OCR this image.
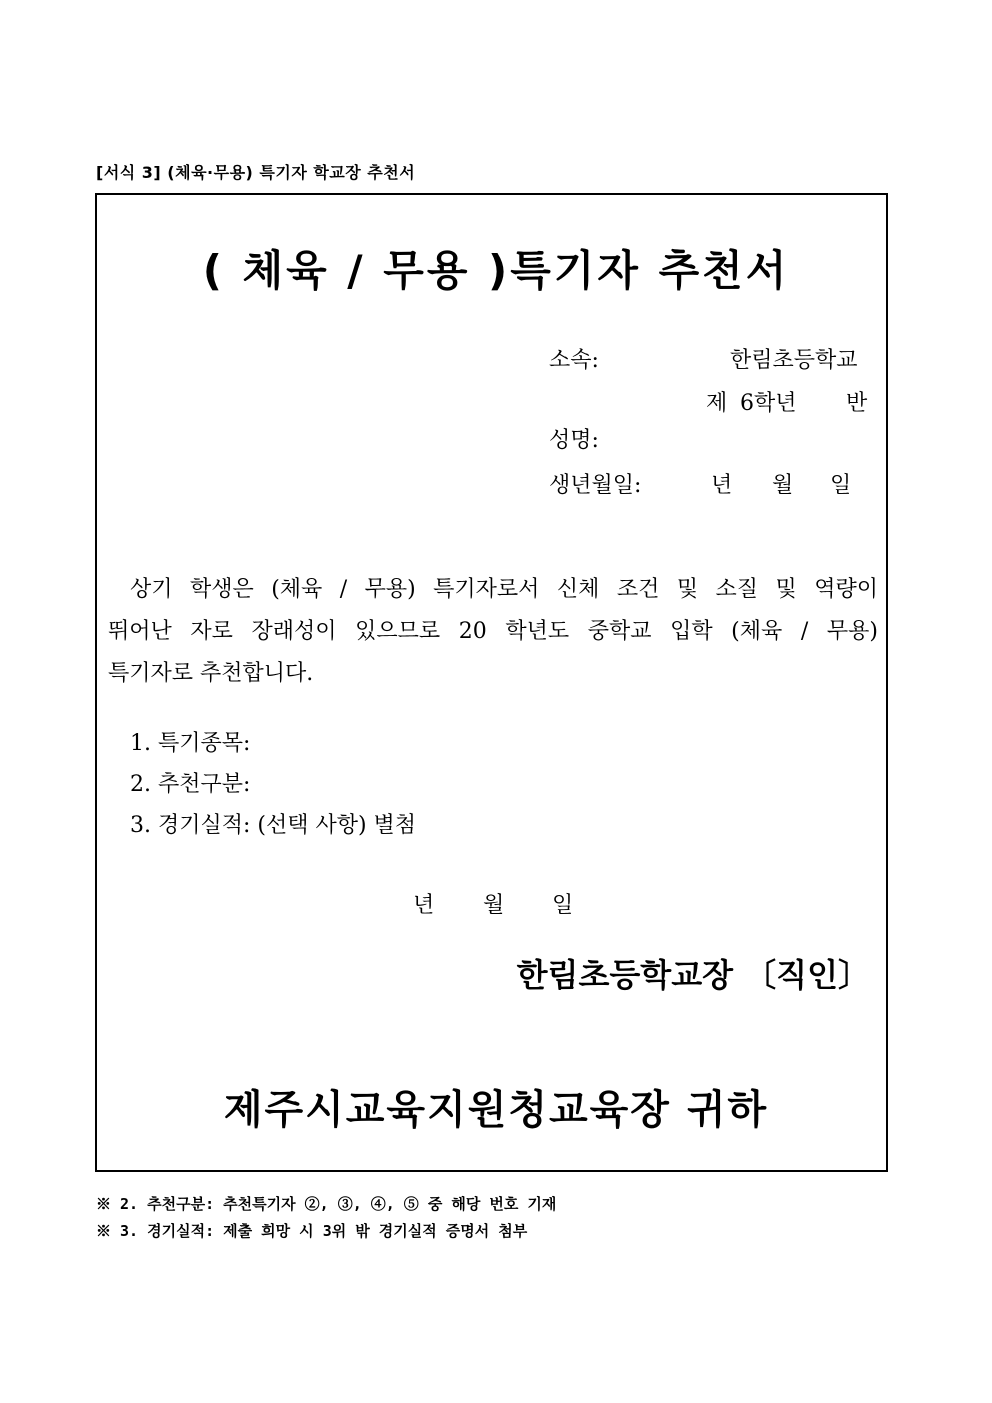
[서식 3] (체육·무용) 특기자 학교장 추천서
( 체육 / 무용 )특기자 추천서
소속:	한림초등학교
제 6학년 반
성명:
생년월일:	년 월 일
상기 학생은 (체육 / 무용) 특기자로서 신체 조건 및 소질 및 역량이
뛰어난 자로 장래성이 있으므로 20 학년도 중학교 입학 (체육 / 무용)
특기자로 추천합니다.
1. 특기종목:
2. 추천구분:
3. 경기실적: (선택 사항) 별첨
년 월 일
한림초등학교장 〔직인〕
제주시교육지원청교육장 귀하
※ 2. 추천구분: 추천특기자 ②, ③, ④, ⑤ 중 해당 번호 기재
※ 3. 경기실적: 제출 희망 시 3위 밖 경기실적 증명서 첨부
